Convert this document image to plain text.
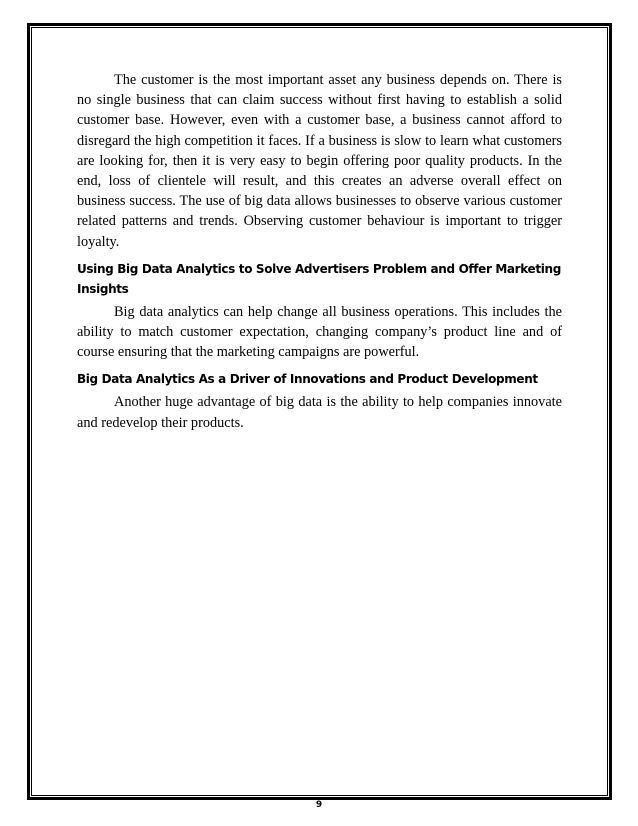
The customer is the most important asset any business depends on. There is no single business that can claim success without first having to establish a solid customer base. However, even with a customer base, a business cannot afford to disregard the high competition it faces. If a business is slow to learn what customers are looking for, then it is very easy to begin offering poor quality products. In the end, loss of clientele will result, and this creates an adverse overall effect on business success. The use of big data allows businesses to observe various customer related patterns and trends. Observing customer behaviour is important to trigger loyalty.

Using Big Data Analytics to Solve Advertisers Problem and Offer Marketing Insights

Big data analytics can help change all business operations. This includes the ability to match customer expectation, changing company’s product line and of course ensuring that the marketing campaigns are powerful.

Big Data Analytics As a Driver of Innovations and Product Development

Another huge advantage of big data is the ability to help companies innovate and redevelop their products.

9
